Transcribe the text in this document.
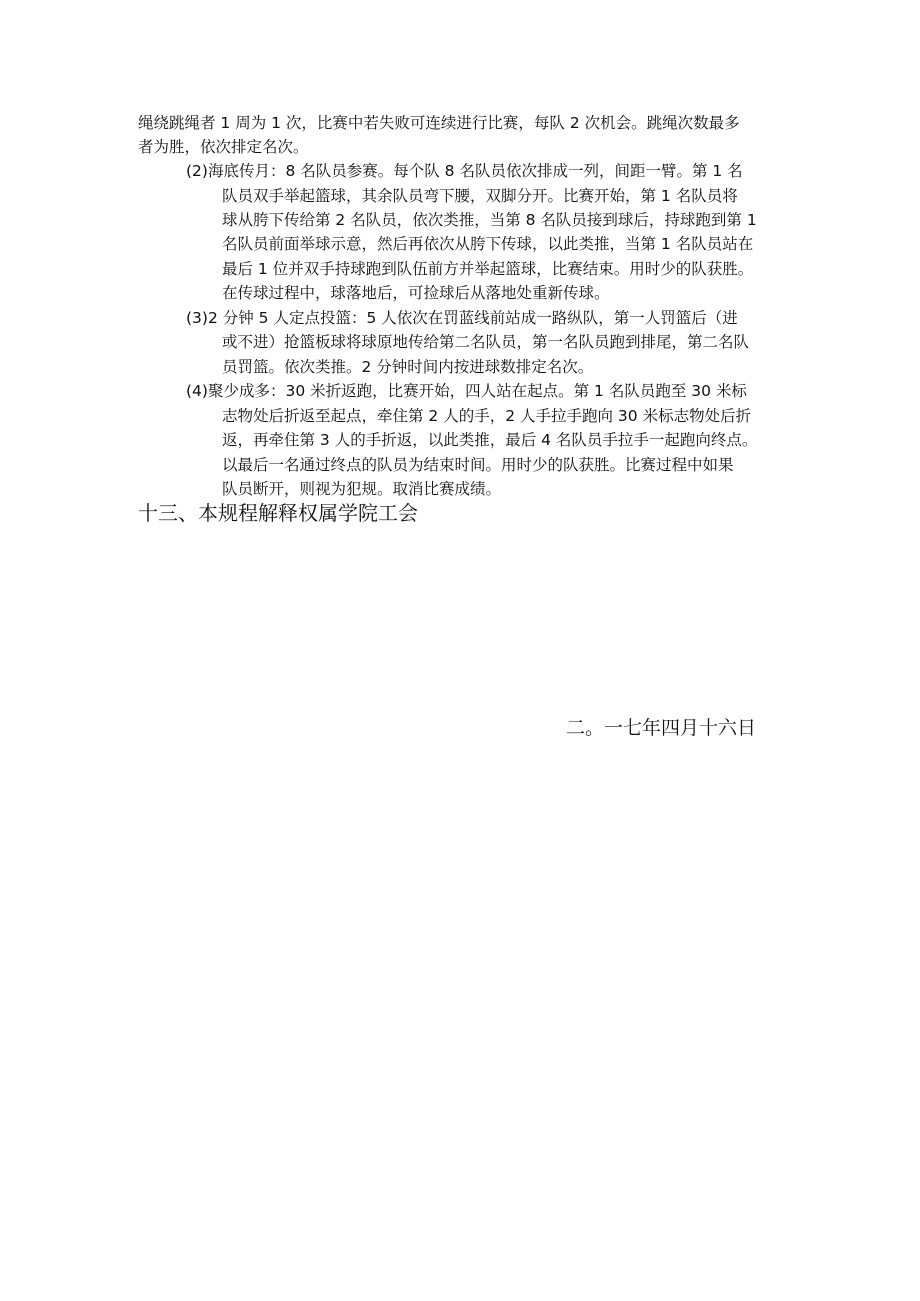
绳绕跳绳者 1 周为 1 次，比赛中若失败可连续进行比赛，每队 2 次机会。跳绳次数最多
者为胜，依次排定名次。
(2)海底传月：8 名队员参赛。每个队 8 名队员依次排成一列，间距一臂。第 1 名
队员双手举起篮球，其余队员弯下腰，双脚分开。比赛开始，第 1 名队员将
球从胯下传给第 2 名队员，依次类推，当第 8 名队员接到球后，持球跑到第 1
名队员前面举球示意，然后再依次从胯下传球，以此类推，当第 1 名队员站在
最后 1 位并双手持球跑到队伍前方并举起篮球，比赛结束。用时少的队获胜。
在传球过程中，球落地后，可捡球后从落地处重新传球。
(3)2 分钟 5 人定点投篮：5 人依次在罚蓝线前站成一路纵队，第一人罚篮后（进
或不进）抢篮板球将球原地传给第二名队员，第一名队员跑到排尾，第二名队
员罚篮。依次类推。2 分钟时间内按进球数排定名次。
(4)聚少成多：30 米折返跑，比赛开始，四人站在起点。第 1 名队员跑至 30 米标
志物处后折返至起点，牵住第 2 人的手，2 人手拉手跑向 30 米标志物处后折
返，再牵住第 3 人的手折返，以此类推，最后 4 名队员手拉手一起跑向终点。
以最后一名通过终点的队员为结束时间。用时少的队获胜。比赛过程中如果
队员断开，则视为犯规。取消比赛成绩。
十三、本规程解释权属学院工会
二。一七年四月十六日
